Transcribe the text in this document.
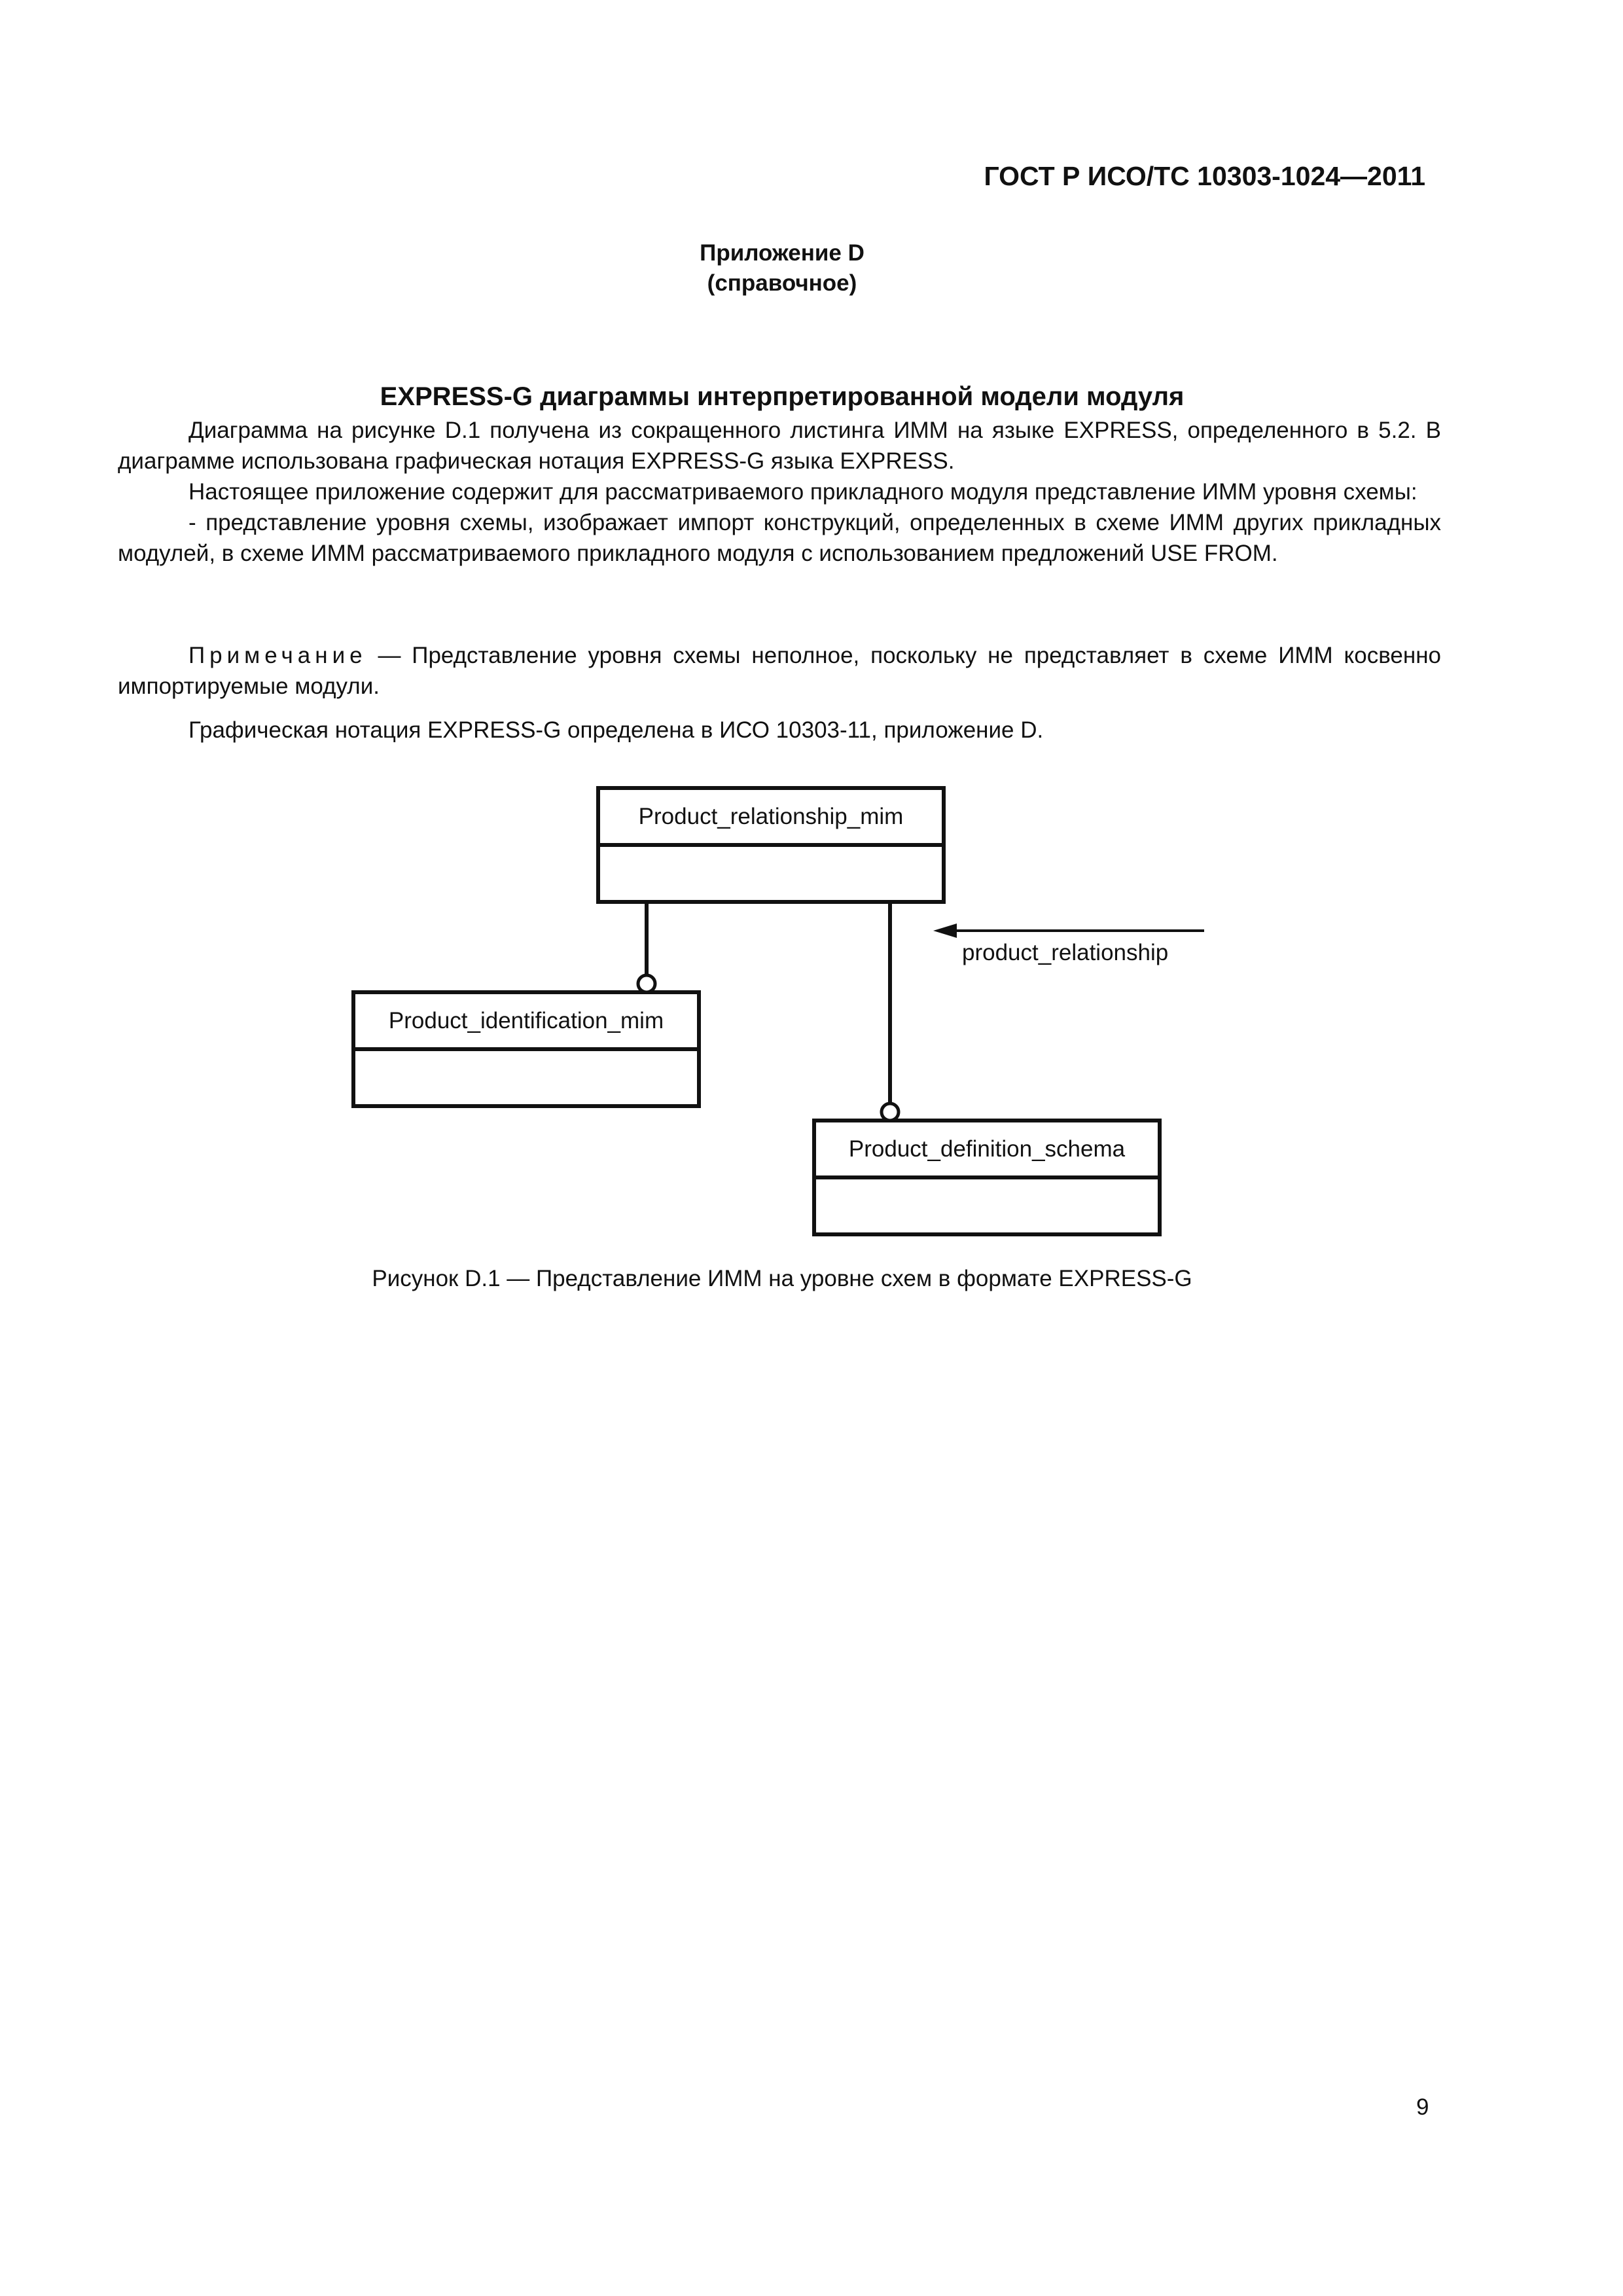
ГОСТ Р ИСО/ТС 10303-1024—2011
Приложение D
(справочное)
EXPRESS-G диаграммы интерпретированной модели модуля

Диаграмма на рисунке D.1 получена из сокращенного листинга ИММ на языке EXPRESS, определенного в 5.2. В диаграмме использована графическая нотация EXPRESS-G языка EXPRESS.

Настоящее приложение содержит для рассматриваемого прикладного модуля представление ИММ уровня схемы:

- представление уровня схемы, изображает импорт конструкций, определенных в схеме ИММ других прикладных модулей, в схеме ИММ рассматриваемого прикладного модуля с использованием предложений USE FROM.

Примечание — Представление уровня схемы неполное, поскольку не представляет в схеме ИММ косвенно импортируемые модули.

Графическая нотация EXPRESS-G определена в ИСО 10303-11, приложение D.

Product_relationship_mim
Product_identification_mim
Product_definition_schema
product_relationship
Рисунок D.1 — Представление ИММ на уровне схем в формате EXPRESS-G
9
